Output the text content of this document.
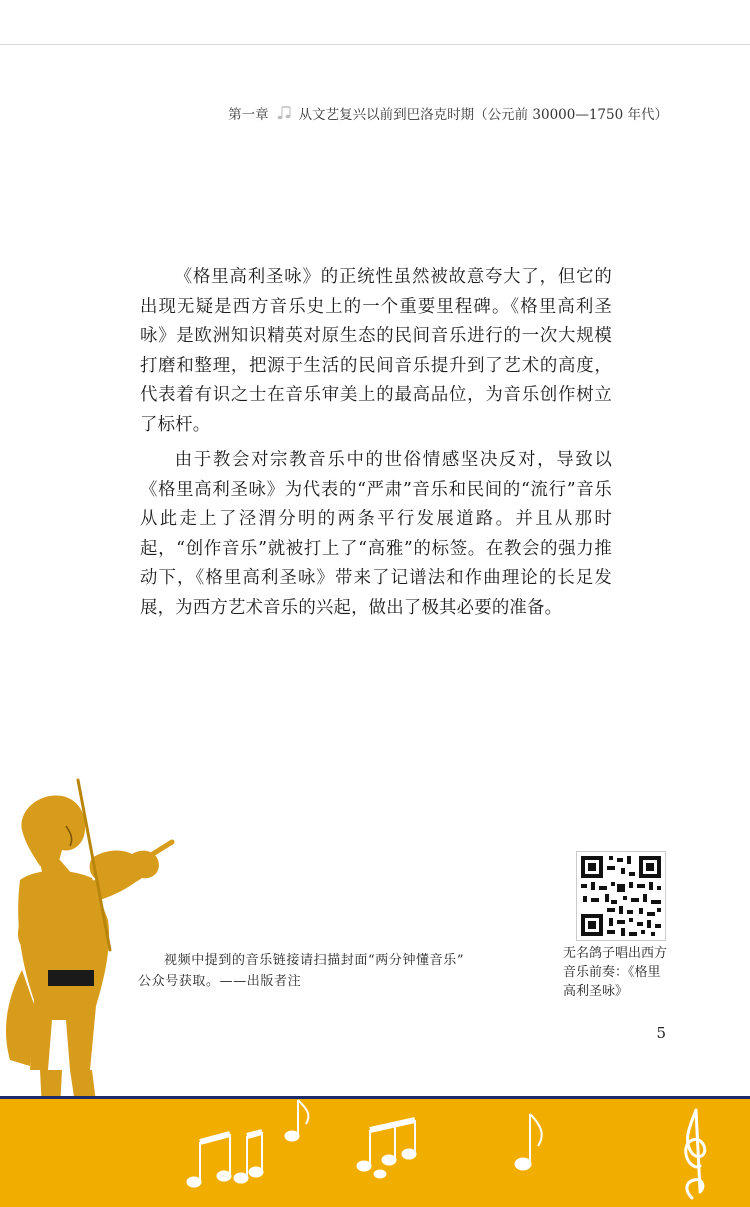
第一章 从文艺复兴以前到巴洛克时期（公元前 30000—1750 年代）

《格里高利圣咏》的正统性虽然被故意夸大了，但它的出现无疑是西方音乐史上的一个重要里程碑。《格里高利圣咏》是欧洲知识精英对原生态的民间音乐进行的一次大规模打磨和整理，把源于生活的民间音乐提升到了艺术的高度，代表着有识之士在音乐审美上的最高品位，为音乐创作树立了标杆。

由于教会对宗教音乐中的世俗情感坚决反对，导致以《格里高利圣咏》为代表的“严肃”音乐和民间的“流行”音乐从此走上了泾渭分明的两条平行发展道路。并且从那时起，“创作音乐”就被打上了“高雅”的标签。在教会的强力推动下，《格里高利圣咏》带来了记谱法和作曲理论的长足发展，为西方艺术音乐的兴起，做出了极其必要的准备。

视频中提到的音乐链接请扫描封面“两分钟懂音乐”

公众号获取。——出版者注

无名鸽子唱出西方音乐前奏：《格里高利圣咏》
5
